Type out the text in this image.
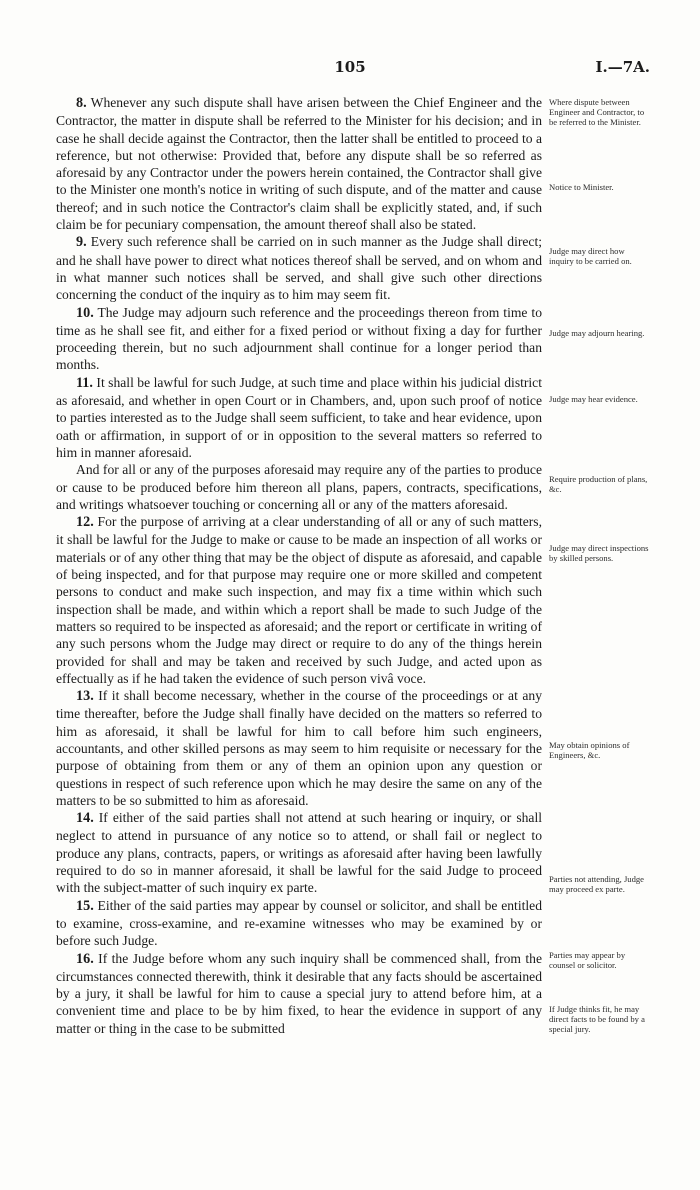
105	I.—7A.

8. Whenever any such dispute shall have arisen between the Chief Engineer and the Contractor, the matter in dispute shall be referred to the Minister for his decision; and in case he shall decide against the Contractor, then the latter shall be entitled to proceed to a reference, but not otherwise: Provided that, before any dispute shall be so referred as aforesaid by any Contractor under the powers herein contained, the Contractor shall give to the Minister one month's notice in writing of such dispute, and of the matter and cause thereof; and in such notice the Contractor's claim shall be explicitly stated, and, if such claim be for pecuniary compensation, the amount thereof shall also be stated.

9. Every such reference shall be carried on in such manner as the Judge shall direct; and he shall have power to direct what notices thereof shall be served, and on whom and in what manner such notices shall be served, and shall give such other directions concerning the conduct of the inquiry as to him may seem fit.

10. The Judge may adjourn such reference and the proceedings thereon from time to time as he shall see fit, and either for a fixed period or without fixing a day for further proceeding therein, but no such adjournment shall continue for a longer period than                    months.

11. It shall be lawful for such Judge, at such time and place within his judicial district as aforesaid, and whether in open Court or in Chambers, and, upon such proof of notice to parties interested as to the Judge shall seem sufficient, to take and hear evidence, upon oath or affirmation, in support of or in opposition to the several matters so referred to him in manner aforesaid.

And for all or any of the purposes aforesaid may require any of the parties to produce or cause to be produced before him thereon all plans, papers, contracts, specifications, and writings whatsoever touching or concerning all or any of the matters aforesaid.

12. For the purpose of arriving at a clear understanding of all or any of such matters, it shall be lawful for the Judge to make or cause to be made an inspection of all works or materials or of any other thing that may be the object of dispute as aforesaid, and capable of being inspected, and for that purpose may require one or more skilled and competent persons to conduct and make such inspection, and may fix a time within which such inspection shall be made, and within which a report shall be made to such Judge of the matters so required to be inspected as aforesaid; and the report or certificate in writing of any such persons whom the Judge may direct or require to do any of the things herein provided for shall and may be taken and received by such Judge, and acted upon as effectually as if he had taken the evidence of such person vivâ voce.

13. If it shall become necessary, whether in the course of the proceedings or at any time thereafter, before the Judge shall finally have decided on the matters so referred to him as aforesaid, it shall be lawful for him to call before him such engineers, accountants, and other skilled persons as may seem to him requisite or necessary for the purpose of obtaining from them or any of them an opinion upon any question or questions in respect of such reference upon which he may desire the same on any of the matters to be so submitted to him as aforesaid.

14. If either of the said parties shall not attend at such hearing or inquiry, or shall neglect to attend in pursuance of any notice so to attend, or shall fail or neglect to produce any plans, contracts, papers, or writings as aforesaid after having been lawfully required to do so in manner aforesaid, it shall be lawful for the said Judge to proceed with the subject-matter of such inquiry ex parte.

15. Either of the said parties may appear by counsel or solicitor, and shall be entitled to examine, cross-examine, and re-examine witnesses who may be examined by or before such Judge.

16. If the Judge before whom any such inquiry shall be commenced shall, from the circumstances connected therewith, think it desirable that any facts should be ascertained by a jury, it shall be lawful for him to cause a special jury to attend before him, at a convenient time and place to be by him fixed, to hear the evidence in support of any matter or thing in the case to be submitted

Where dispute between Engineer and Contractor, to be referred to the Minister.
Notice to Minister.
Judge may direct how inquiry to be carried on.
Judge may adjourn hearing.
Judge may hear evidence.
Require production of plans, &c.
Judge may direct inspections by skilled persons.
May obtain opinions of Engineers, &c.
Parties not attending, Judge may proceed ex parte.
Parties may appear by counsel or solicitor.
If Judge thinks fit, he may direct facts to be found by a special jury.
